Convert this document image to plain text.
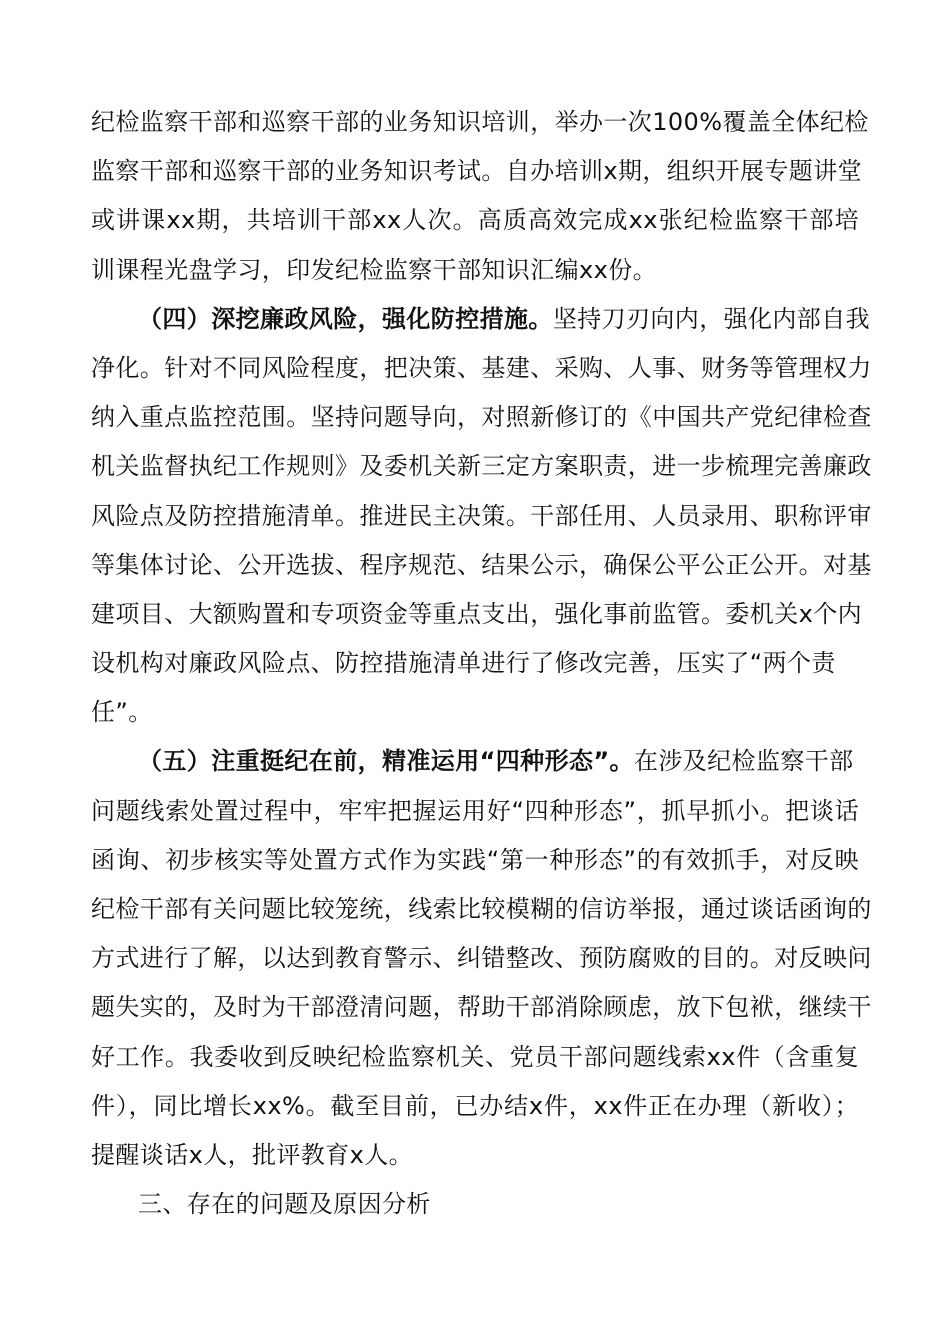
纪检监察干部和巡察干部的业务知识培训，举办一次100%覆盖全体纪检
监察干部和巡察干部的业务知识考试。自办培训x期，组织开展专题讲堂
或讲课xx期，共培训干部xx人次。高质高效完成xx张纪检监察干部培
训课程光盘学习，印发纪检监察干部知识汇编xx份。
（四）深挖廉政风险，强化防控措施。坚持刀刃向内，强化内部自我
净化。针对不同风险程度，把决策、基建、采购、人事、财务等管理权力
纳入重点监控范围。坚持问题导向，对照新修订的《中国共产党纪律检查
机关监督执纪工作规则》及委机关新三定方案职责，进一步梳理完善廉政
风险点及防控措施清单。推进民主决策。干部任用、人员录用、职称评审
等集体讨论、公开选拔、程序规范、结果公示，确保公平公正公开。对基
建项目、大额购置和专项资金等重点支出，强化事前监管。委机关x个内
设机构对廉政风险点、防控措施清单进行了修改完善，压实了“两个责
任”。
（五）注重挺纪在前，精准运用“四种形态”。在涉及纪检监察干部
问题线索处置过程中，牢牢把握运用好“四种形态”，抓早抓小。把谈话
函询、初步核实等处置方式作为实践“第一种形态”的有效抓手，对反映
纪检干部有关问题比较笼统，线索比较模糊的信访举报，通过谈话函询的
方式进行了解，以达到教育警示、纠错整改、预防腐败的目的。对反映问
题失实的，及时为干部澄清问题，帮助干部消除顾虑，放下包袱，继续干
好工作。我委收到反映纪检监察机关、党员干部问题线索xx件（含重复
件），同比增长xx%。截至目前，已办结x件，xx件正在办理（新收）；
提醒谈话x人，批评教育x人。
三、存在的问题及原因分析
